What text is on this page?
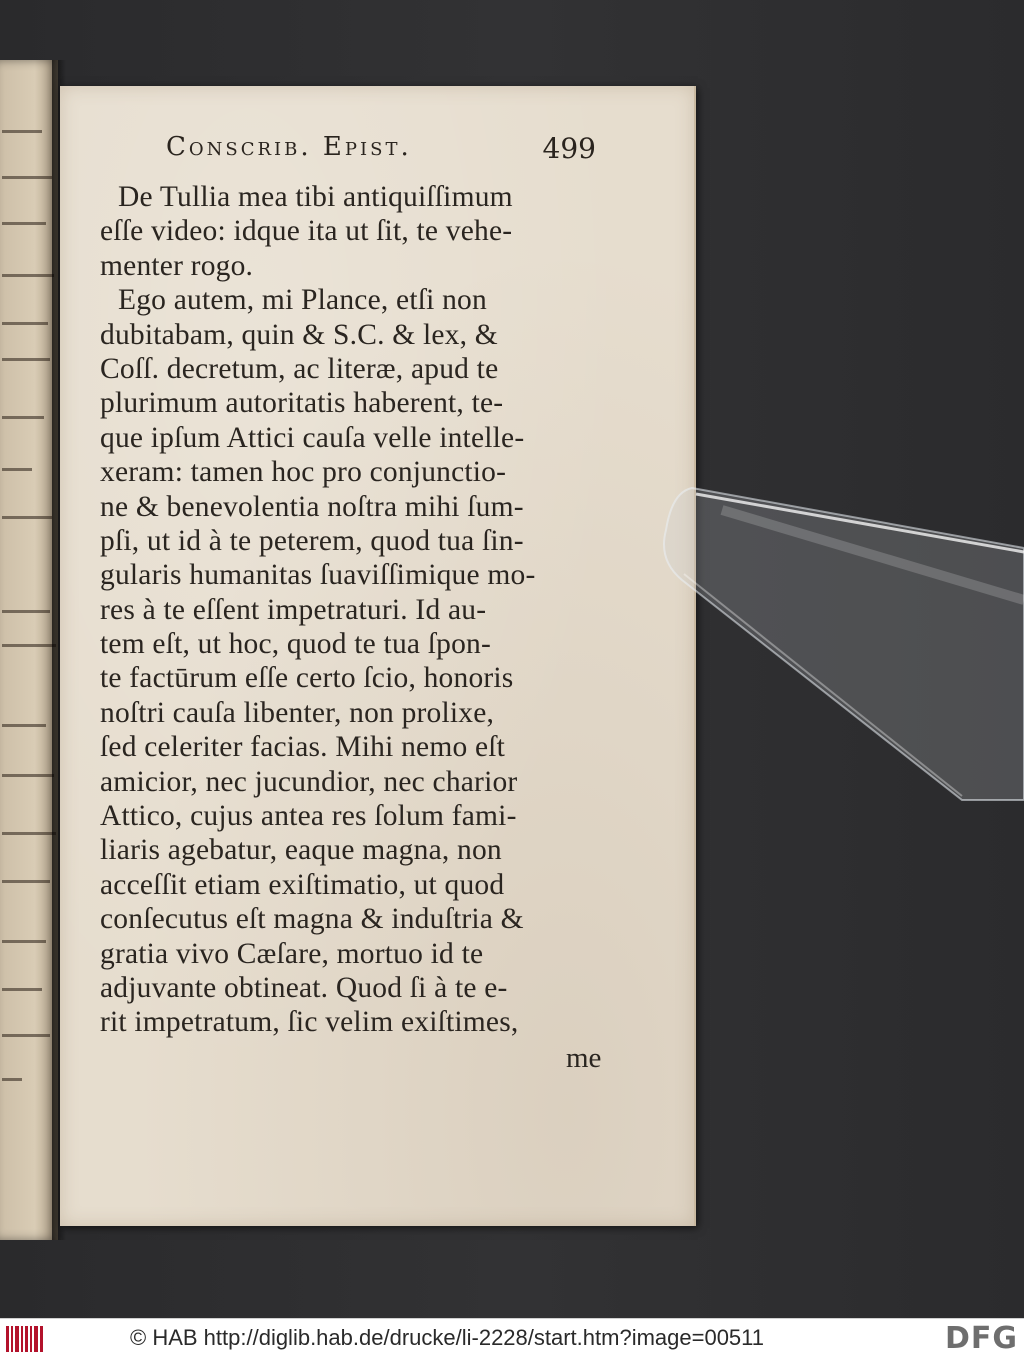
Conscrib. Epist.	499
De Tullia mea tibi antiquiſſimum
eſſe video: idque ita ut ſit, te vehe-
menter rogo.
Ego autem, mi Plance, etſi non
dubitabam, quin & S.C. & lex, &
Coſſ. decretum, ac literæ, apud te
plurimum autoritatis haberent, te-
que ipſum Attici cauſa velle intelle-
xeram: tamen hoc pro conjunctio-
ne & benevolentia noſtra mihi ſum-
pſi, ut id à te peterem, quod tua ſin-
gularis humanitas ſuaviſſimique mo-
res à te eſſent impetraturi. Id au-
tem eſt, ut hoc, quod te tua ſpon-
te factūrum eſſe certo ſcio, honoris
noſtri cauſa libenter, non prolixe,
ſed celeriter facias. Mihi nemo eſt
amicior, nec jucundior, nec charior
Attico, cujus antea res ſolum fami-
liaris agebatur, eaque magna, non
acceſſit etiam exiſtimatio, ut quod
conſecutus eſt magna & induſtria &
gratia vivo Cæſare, mortuo id te
adjuvante obtineat. Quod ſi à te e-
rit impetratum, ſic velim exiſtimes,
me
© HAB http://diglib.hab.de/drucke/li-2228/start.htm?image=00511	DFG
